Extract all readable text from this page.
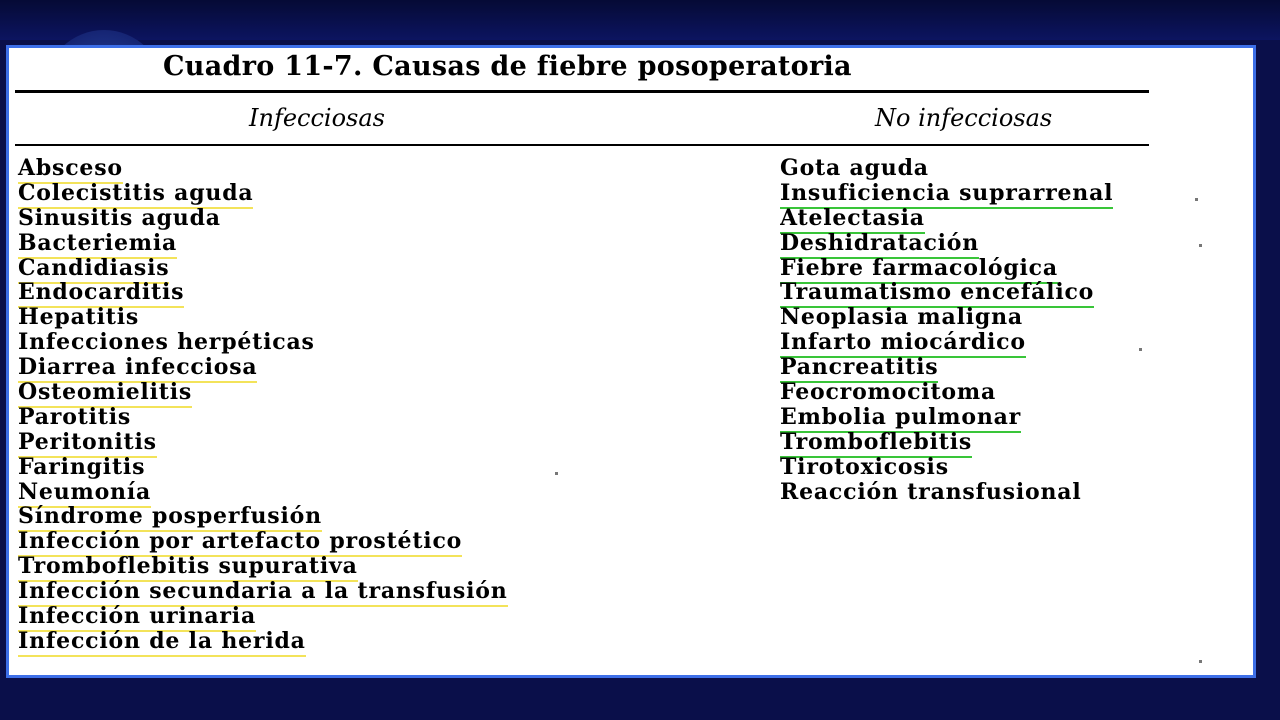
Cuadro 11-7. Causas de fiebre posoperatoria
Infecciosas	No infecciosas
Absceso
Colecistitis aguda
Sinusitis aguda
Bacteriemia
Candidiasis
Endocarditis
Hepatitis
Infecciones herpéticas
Diarrea infecciosa
Osteomielitis
Parotitis
Peritonitis
Faringitis
Neumonía
Síndrome posperfusión
Infección por artefacto prostético
Tromboflebitis supurativa
Infección secundaria a la transfusión
Infección urinaria
Infección de la herida
Gota aguda
Insuficiencia suprarrenal
Atelectasia
Deshidratación
Fiebre farmacológica
Traumatismo encefálico
Neoplasia maligna
Infarto miocárdico
Pancreatitis
Feocromocitoma
Embolia pulmonar
Tromboflebitis
Tirotoxicosis
Reacción transfusional
